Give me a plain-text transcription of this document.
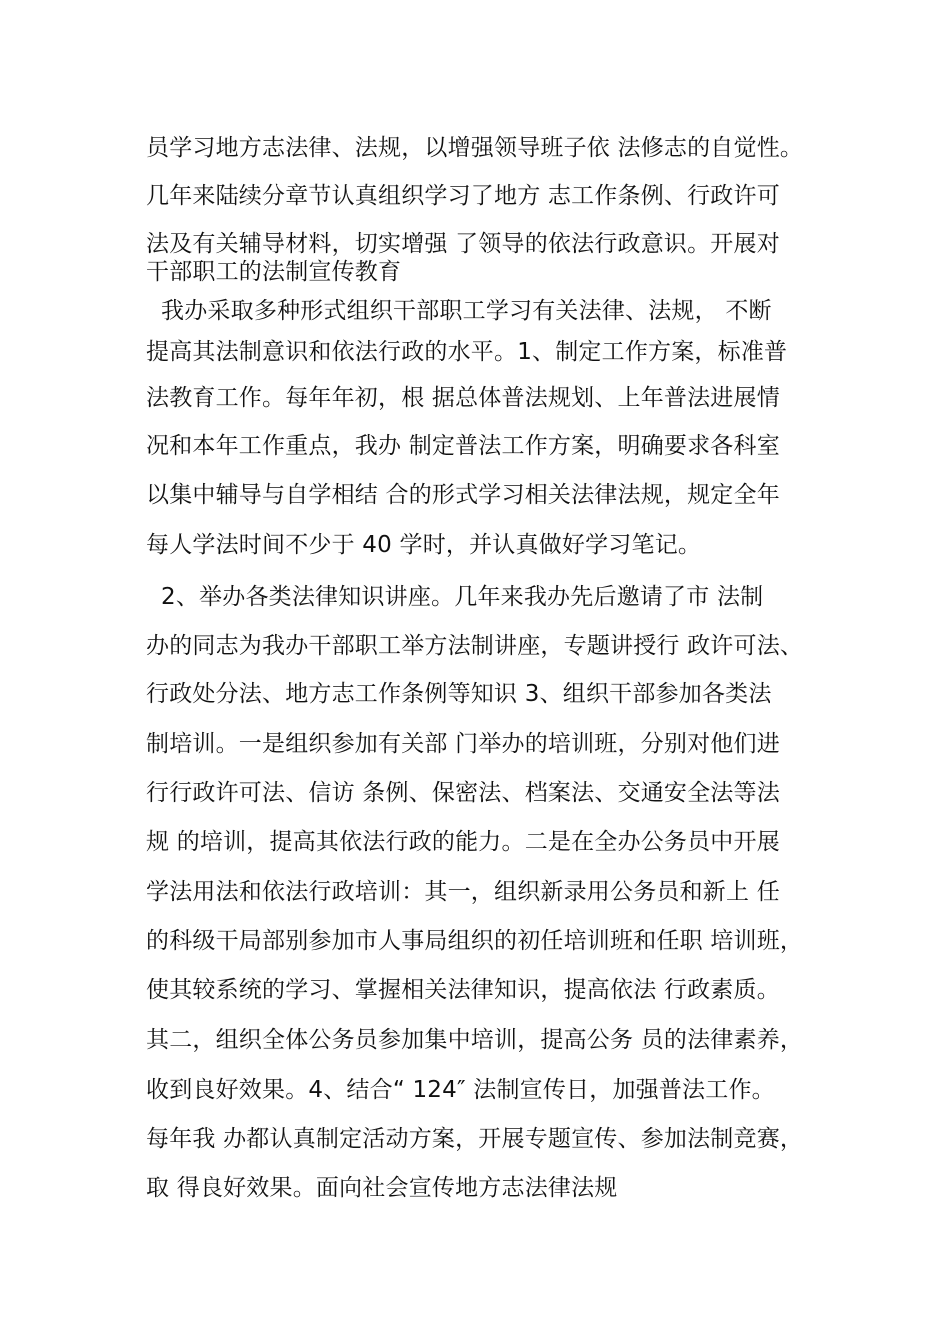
员学习地方志法律、法规，以增强领导班子依 法修志的自觉性。
几年来陆续分章节认真组织学习了地方 志工作条例、行政许可
法及有关辅导材料，切实增强 了领导的依法行政意识。开展对
干部职工的法制宣传教育
我办采取多种形式组织干部职工学习有关法律、法规， 不断
提高其法制意识和依法行政的水平。1、制定工作方案，标准普
法教育工作。每年年初，根 据总体普法规划、上年普法进展情
况和本年工作重点，我办 制定普法工作方案，明确要求各科室
以集中辅导与自学相结 合的形式学习相关法律法规，规定全年
每人学法时间不少于 40 学时，并认真做好学习笔记。
2、举办各类法律知识讲座。几年来我办先后邀请了市 法制
办的同志为我办干部职工举方法制讲座，专题讲授行 政许可法、
行政处分法、地方志工作条例等知识 3、组织干部参加各类法
制培训。一是组织参加有关部 门举办的培训班，分别对他们进
行行政许可法、信访 条例、保密法、档案法、交通安全法等法
规 的培训，提高其依法行政的能力。二是在全办公务员中开展
学法用法和依法行政培训：其一，组织新录用公务员和新上 任
的科级干局部别参加市人事局组织的初任培训班和任职 培训班，
使其较系统的学习、掌握相关法律知识，提高依法 行政素质。
其二，组织全体公务员参加集中培训，提高公务 员的法律素养，
收到良好效果。4、结合“ 124″ 法制宣传日，加强普法工作。
每年我 办都认真制定活动方案，开展专题宣传、参加法制竞赛，
取 得良好效果。面向社会宣传地方志法律法规
